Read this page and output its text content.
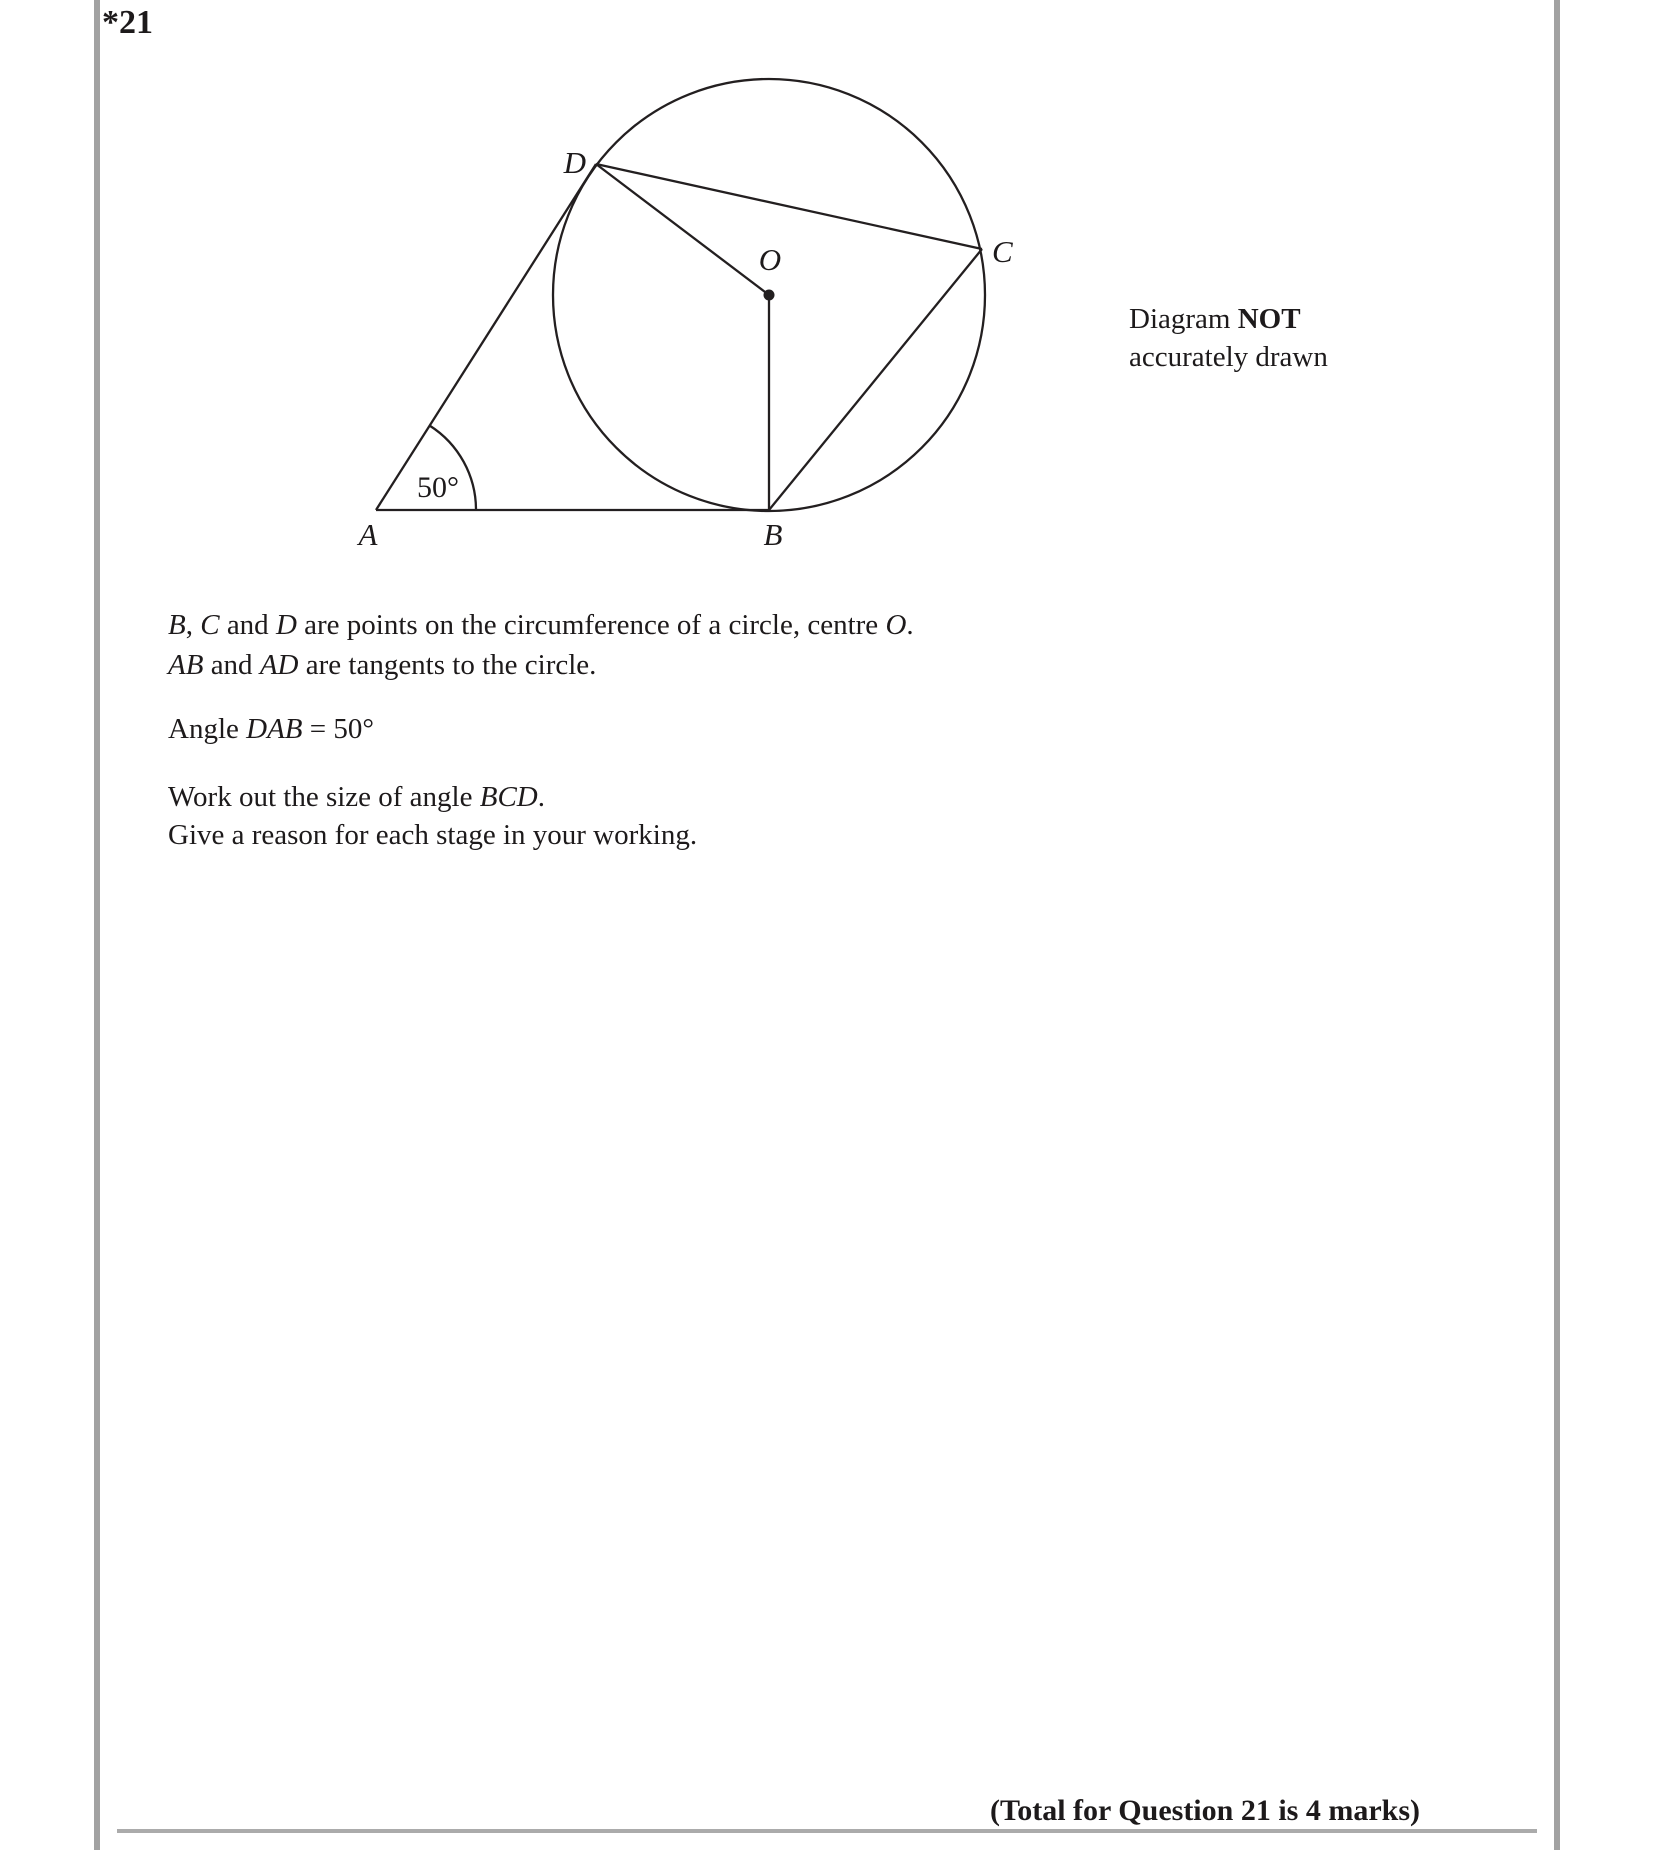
*21
D
O	C
A	B
50°
Diagram NOT
accurately drawn

B, C and D are points on the circumference of a circle, centre O.

AB and AD are tangents to the circle.

Angle DAB = 50°

Work out the size of angle BCD.

Give a reason for each stage in your working.

(Total for Question 21 is 4 marks)
